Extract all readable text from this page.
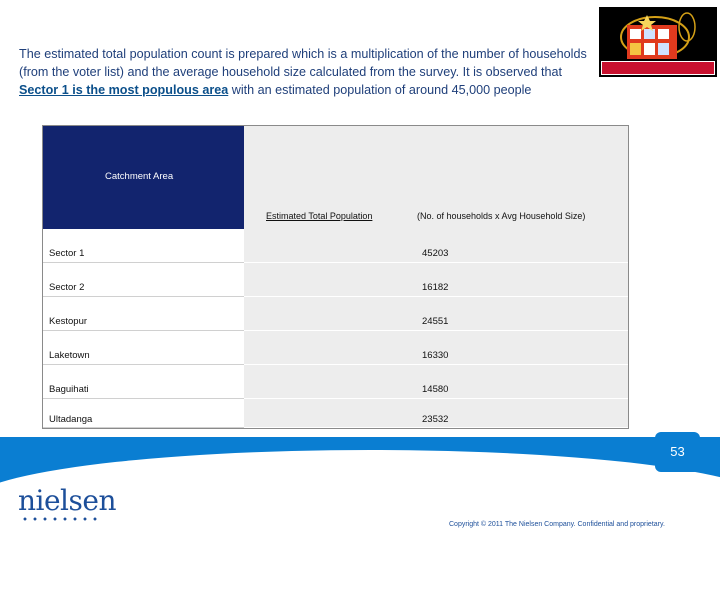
The estimated total population count is prepared which is a multiplication of the number of households (from the voter list) and the average household size calculated from the survey. It is observed that Sector 1 is the most populous area with an estimated population of around 45,000 people
Catchment Area
Estimated Total Population	(No. of households x Avg Household Size)
Sector 1	45203
Sector 2	16182
Kestopur	24551
Laketown	16330
Baguihati	14580
Ultadanga	23532
53
nielsen
Copyright © 2011 The Nielsen Company. Confidential and proprietary.
